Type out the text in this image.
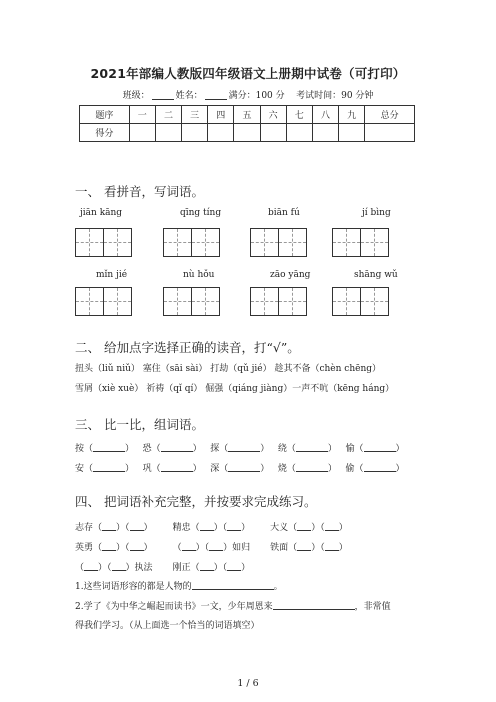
2021年部编人教版四年级语文上册期中试卷（可打印）
班级：	姓名：	满分：100 分 考试时间：90 分钟
题序	一	二	三	四	五	六	七	八	九	总分
得分										
一、 看拼音，写词语。
jiān kāng	qīng tíng	biān fú	jí bìng
mǐn jié	nù hǒu	zāo yāng	shāng wǔ
二、 给加点字选择正确的读音，打“√”。
扭头（liǔ niǔ） 塞住（sāi sài） 打劫（qǔ jié） 趁其不备（chèn chēng）
雪屑（xiè xuè） 祈祷（qǐ qí） 倔强（qiáng jiàng）一声不吭（kēng háng）
三、 比一比，组词语。
按（	）   恐（	）   探（	）   绕（	）   愉（	）
安（	）   巩（	）   深（	）   烧（	）   偷（	）
四、 把词语补充完整，并按要求完成练习。
志存（ ）（ ）       精忠（ ）（ ）       大义（ ）（ ）
英勇（ ）（ ）       （ ）（ ）如归 铁面（ ）（ ）
（ ）（ ）执法 刚正（ ）（ ）
1.这些词语形容的都是人物的	。
2.学了《为中华之崛起而读书》一文，少年周恩来	，非常值
得我们学习。（从上面选一个恰当的词语填空）
1 / 6
